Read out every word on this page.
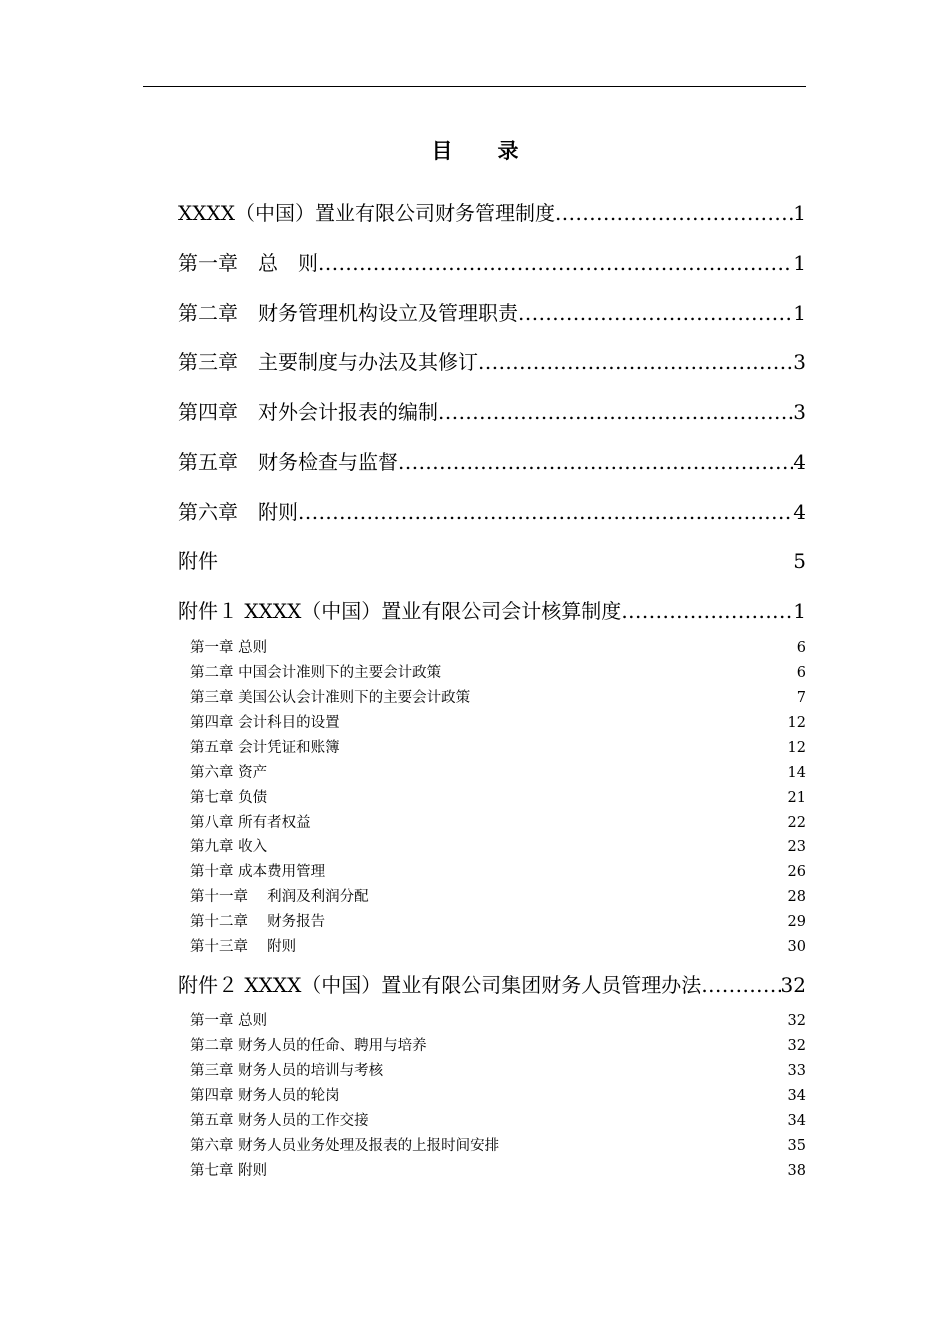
目 录
XXXX（中国）置业有限公司财务管理制度 .....	1
第一章　总　则 .....	1
第二章　财务管理机构设立及管理职责 .....	1
第三章　主要制度与办法及其修订 .....	3
第四章　对外会计报表的编制 .....	3
第五章　财务检查与监督 .....	4
第六章　附则 .....	4
附件	5
附件１ XXXX（中国）置业有限公司会计核算制度 .....	1
第一章 总则	6
第二章 中国会计准则下的主要会计政策	6
第三章 美国公认会计准则下的主要会计政策	7
第四章 会计科目的设置	12
第五章 会计凭证和账簿	12
第六章 资产	14
第七章 负债	21
第八章 所有者权益	22
第九章 收入	23
第十章 成本费用管理	26
第十一章　 利润及利润分配	28
第十二章　 财务报告	29
第十三章　 附则	30
附件２ XXXX（中国）置业有限公司集团财务人员管理办法 .....	32
第一章 总则	32
第二章 财务人员的任命、聘用与培养	32
第三章 财务人员的培训与考核	33
第四章 财务人员的轮岗	34
第五章 财务人员的工作交接	34
第六章 财务人员业务处理及报表的上报时间安排	35
第七章 附则	38
